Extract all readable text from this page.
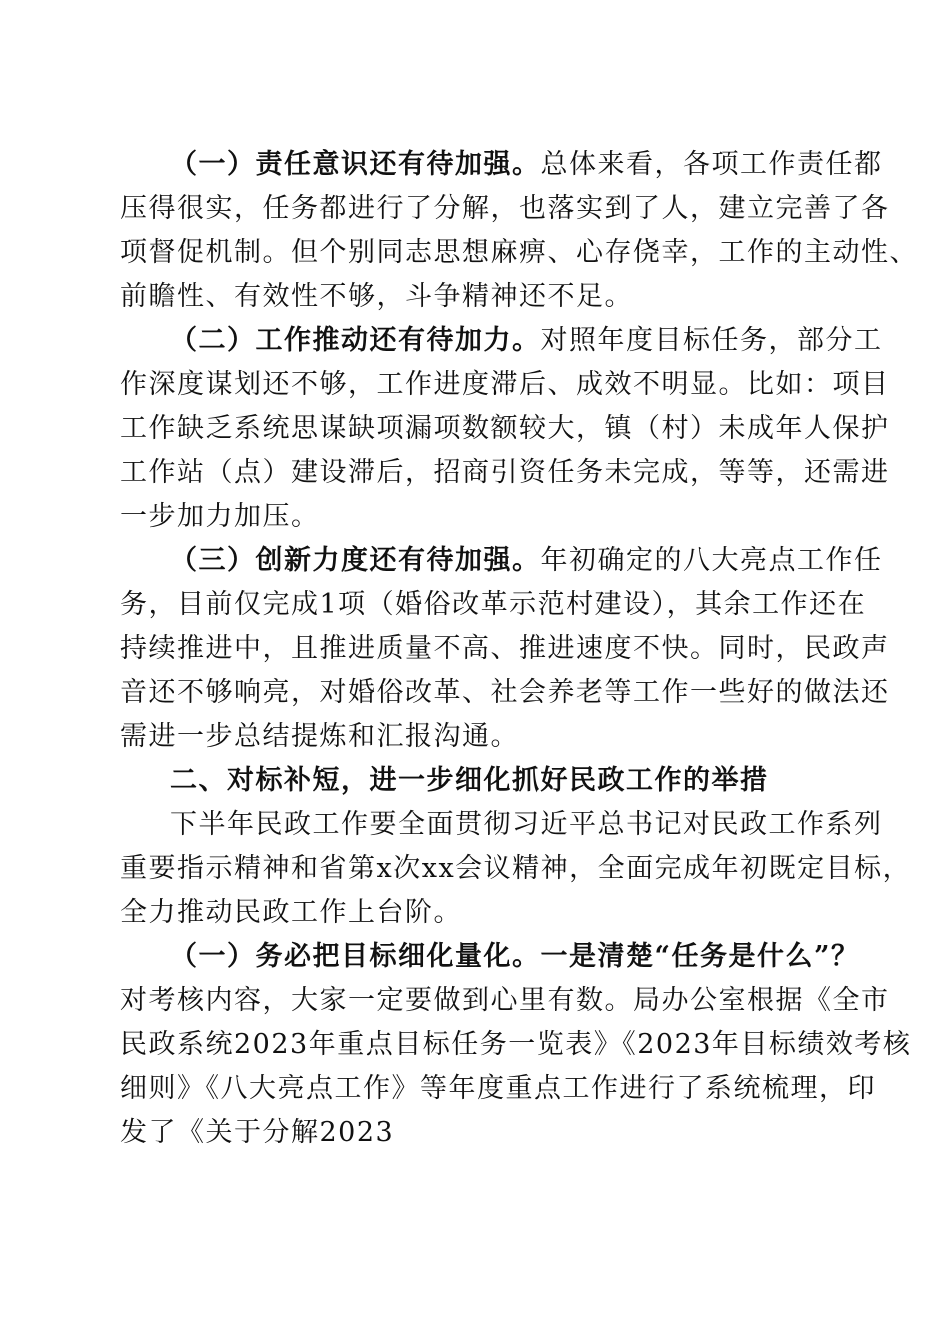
（一）责任意识还有待加强。总体来看，各项工作责任都
压得很实，任务都进行了分解，也落实到了人，建立完善了各
项督促机制。但个别同志思想麻痹、心存侥幸，工作的主动性、
前瞻性、有效性不够，斗争精神还不足。
（二）工作推动还有待加力。对照年度目标任务，部分工
作深度谋划还不够，工作进度滞后、成效不明显。比如：项目
工作缺乏系统思谋缺项漏项数额较大，镇（村）未成年人保护
工作站（点）建设滞后，招商引资任务未完成，等等，还需进
一步加力加压。
（三）创新力度还有待加强。年初确定的八大亮点工作任
务，目前仅完成1项（婚俗改革示范村建设），其余工作还在
持续推进中，且推进质量不高、推进速度不快。同时，民政声
音还不够响亮，对婚俗改革、社会养老等工作一些好的做法还
需进一步总结提炼和汇报沟通。
二、对标补短，进一步细化抓好民政工作的举措
下半年民政工作要全面贯彻习近平总书记对民政工作系列
重要指示精神和省第x次xx会议精神，全面完成年初既定目标，
全力推动民政工作上台阶。
（一）务必把目标细化量化。一是清楚“任务是什么”？
对考核内容，大家一定要做到心里有数。局办公室根据《全市
民政系统2023年重点目标任务一览表》《2023年目标绩效考核
细则》《八大亮点工作》等年度重点工作进行了系统梳理，印
发了《关于分解2023
